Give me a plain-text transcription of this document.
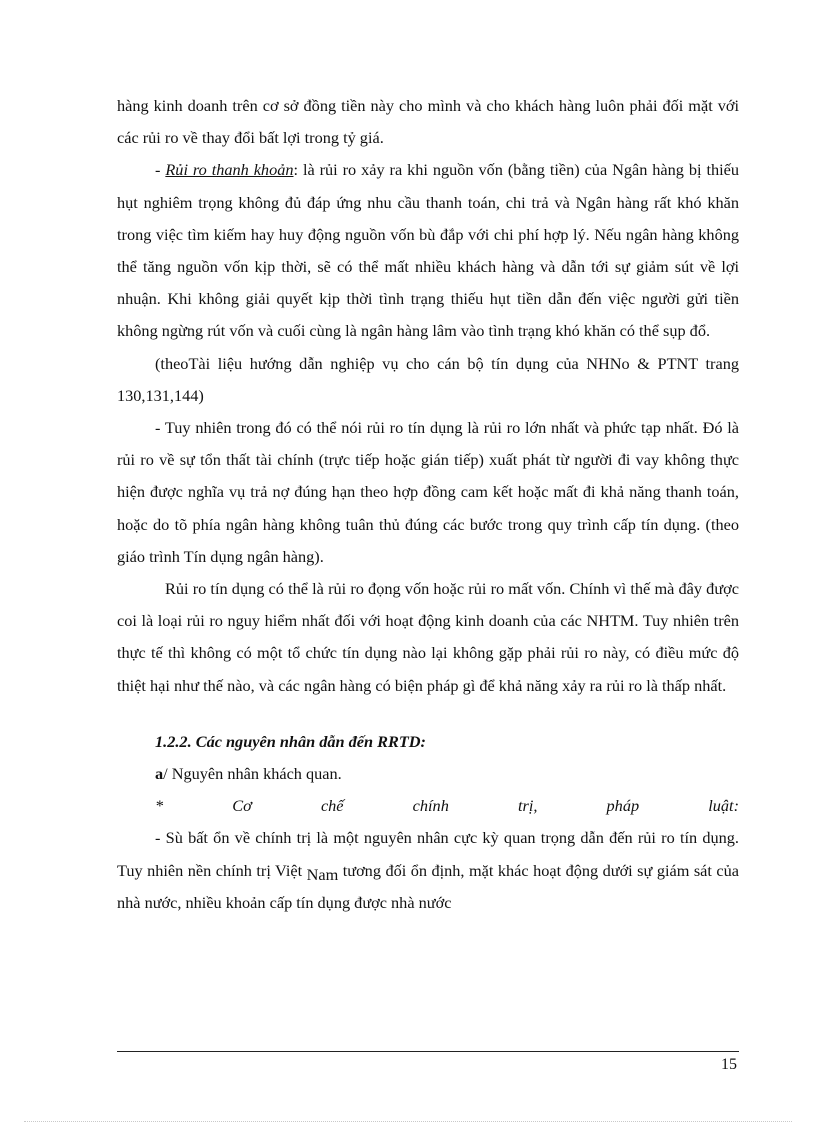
hàng kinh doanh trên cơ sở đồng tiền này cho mình và cho khách hàng luôn phải đối mặt với các rủi ro về thay đổi bất lợi trong tỷ giá.

- Rủi ro thanh khoản: là rủi ro xảy ra khi nguồn vốn (bằng tiền) của Ngân hàng bị thiếu hụt nghiêm trọng không đủ đáp ứng nhu cầu thanh toán, chi trả và Ngân hàng rất khó khăn trong việc tìm kiếm hay huy động nguồn vốn bù đắp với chi phí hợp lý. Nếu ngân hàng không thể tăng nguồn vốn kịp thời, sẽ có thể mất nhiều khách hàng và dẫn tới sự giảm sút về lợi nhuận. Khi không giải quyết kịp thời tình trạng thiếu hụt tiền dẫn đến việc người gửi tiền không ngừng rút vốn và cuối cùng là ngân hàng lâm vào tình trạng khó khăn có thể sụp đổ.

(theoTài liệu hướng dẫn nghiệp vụ cho cán bộ tín dụng của NHNo & PTNT trang 130,131,144)

- Tuy nhiên trong đó có thể nói rủi ro tín dụng là rủi ro lớn nhất và phức tạp nhất. Đó là rủi ro về sự tổn thất tài chính (trực tiếp hoặc gián tiếp) xuất phát từ người đi vay không thực hiện được nghĩa vụ trả nợ đúng hạn theo hợp đồng cam kết hoặc mất đi khả năng thanh toán, hoặc do tõ phía ngân hàng không tuân thủ đúng các bước trong quy trình cấp tín dụng. (theo giáo trình Tín dụng ngân hàng).

Rủi ro tín dụng có thể là rủi ro đọng vốn hoặc rủi ro mất vốn. Chính vì thế mà đây được coi là loại rủi ro nguy hiểm nhất đối với hoạt động kinh doanh của các NHTM. Tuy nhiên trên thực tế thì không có một tổ chức tín dụng nào lại không gặp phải rủi ro này, có điều mức độ thiệt hại như thế nào, và các ngân hàng có biện pháp gì để khả năng xảy ra rủi ro là thấp nhất.

1.2.2. Các nguyên nhân dẫn đến RRTD:

a/ Nguyên nhân khách quan.

* Cơ chế chính trị, pháp luật:

- Sù bất ổn về chính trị là một nguyên nhân cực kỳ quan trọng dẫn đến rủi ro tín dụng. Tuy nhiên nền chính trị Việt Nam tương đối ổn định, mặt khác hoạt động dưới sự giám sát của nhà nước, nhiều khoản cấp tín dụng được nhà nước

15
